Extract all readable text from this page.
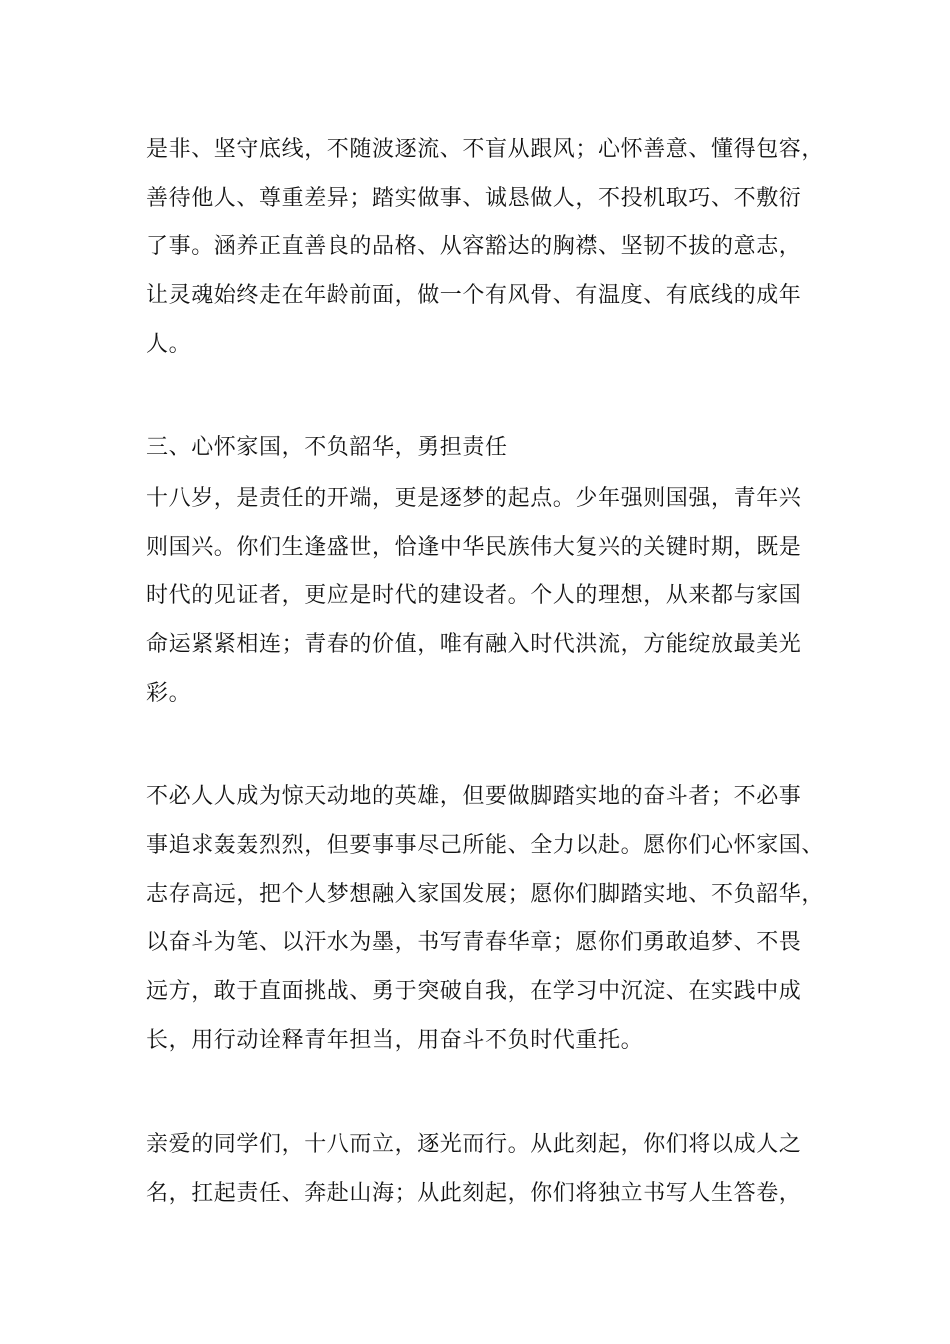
是非、坚守底线，不随波逐流、不盲从跟风；心怀善意、懂得包容，
善待他人、尊重差异；踏实做事、诚恳做人，不投机取巧、不敷衍
了事。涵养正直善良的品格、从容豁达的胸襟、坚韧不拔的意志，
让灵魂始终走在年龄前面，做一个有风骨、有温度、有底线的成年
人。
三、心怀家国，不负韶华，勇担责任
十八岁，是责任的开端，更是逐梦的起点。少年强则国强，青年兴
则国兴。你们生逢盛世，恰逢中华民族伟大复兴的关键时期，既是
时代的见证者，更应是时代的建设者。个人的理想，从来都与家国
命运紧紧相连；青春的价值，唯有融入时代洪流，方能绽放最美光
彩。
不必人人成为惊天动地的英雄，但要做脚踏实地的奋斗者；不必事
事追求轰轰烈烈，但要事事尽己所能、全力以赴。愿你们心怀家国、
志存高远，把个人梦想融入家国发展；愿你们脚踏实地、不负韶华，
以奋斗为笔、以汗水为墨，书写青春华章；愿你们勇敢追梦、不畏
远方，敢于直面挑战、勇于突破自我，在学习中沉淀、在实践中成
长，用行动诠释青年担当，用奋斗不负时代重托。
亲爱的同学们，十八而立，逐光而行。从此刻起，你们将以成人之
名，扛起责任、奔赴山海；从此刻起，你们将独立书写人生答卷，
